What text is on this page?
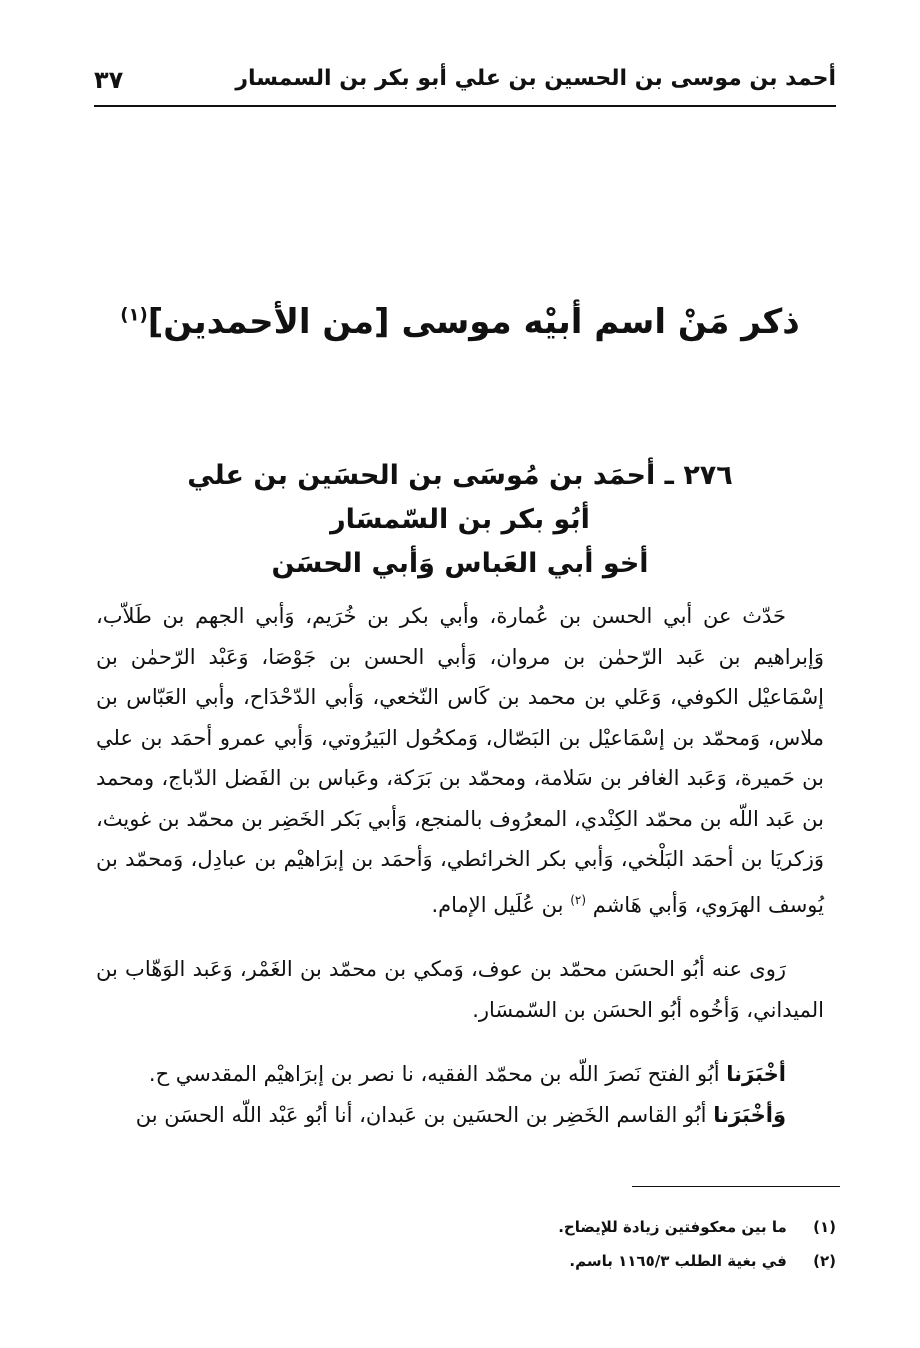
أحمد بن موسى بن الحسين بن علي أبو بكر بن السمسار
٣٧
ذكر مَنْ اسم أبيْه موسى [من الأحمدين]$^{(١)}$
٢٧٦ ـ أحمَد بن مُوسَى بن الحسَين بن علي
أبُو بكر بن السّمسَار
أخو أبي العَباس وَأبي الحسَن

حَدّث عن أبي الحسن بن عُمارة، وأبي بكر بن خُرَيم، وَأبي الجهم بن طَلاّب، وَإبراهيم بن عَبد الرّحمٰن بن مروان، وَأبي الحسن بن جَوْصَا، وَعَبْد الرّحمٰن بن إسْمَاعيْل الكوفي، وَعَلي بن محمد بن كَاس النّخعي، وَأبي الدّحْدَاح، وأبي العَبّاس بن ملاس، وَمحمّد بن إسْمَاعيْل بن البَصّال، وَمكحُول البَيرُوتي، وَأبي عمرو أحمَد بن علي بن حَميرة، وَعَبد الغافر بن سَلامة، ومحمّد بن بَرَكة، وعَباس بن الفَضل الدّباج، ومحمد بن عَبد اللّه بن محمّد الكِنْدي، المعرُوف بالمنجع، وَأبي بَكر الخَضِر بن محمّد بن غويث، وَزكريَا بن أحمَد البَلْخي، وَأبي بكر الخرائطي، وَأحمَد بن إبرَاهيْم بن عبادِل، وَمحمّد بن يُوسف الهرَوي، وَأبي هَاشم $^{(٢)}$ بن عُلَيل الإمام.

رَوى عنه أبُو الحسَن محمّد بن عوف، وَمكي بن محمّد بن الغَمْر، وَعَبد الوَهّاب بن الميداني، وَأخُوه أبُو الحسَن بن السّمسَار.

أخْبَرَنا أبُو الفتح نَصرَ اللّه بن محمّد الفقيه، نا نصر بن إبرَاهيْم المقدسي ح.

وَأخْبَرَنا أبُو القاسم الخَضِر بن الحسَين بن عَبدان، أنا أبُو عَبْد اللّه الحسَن بن

(١) ما بين معكوفتين زيادة للإيضاح.
(٢) في بغية الطلب ١١٦٥/٣ باسم.
